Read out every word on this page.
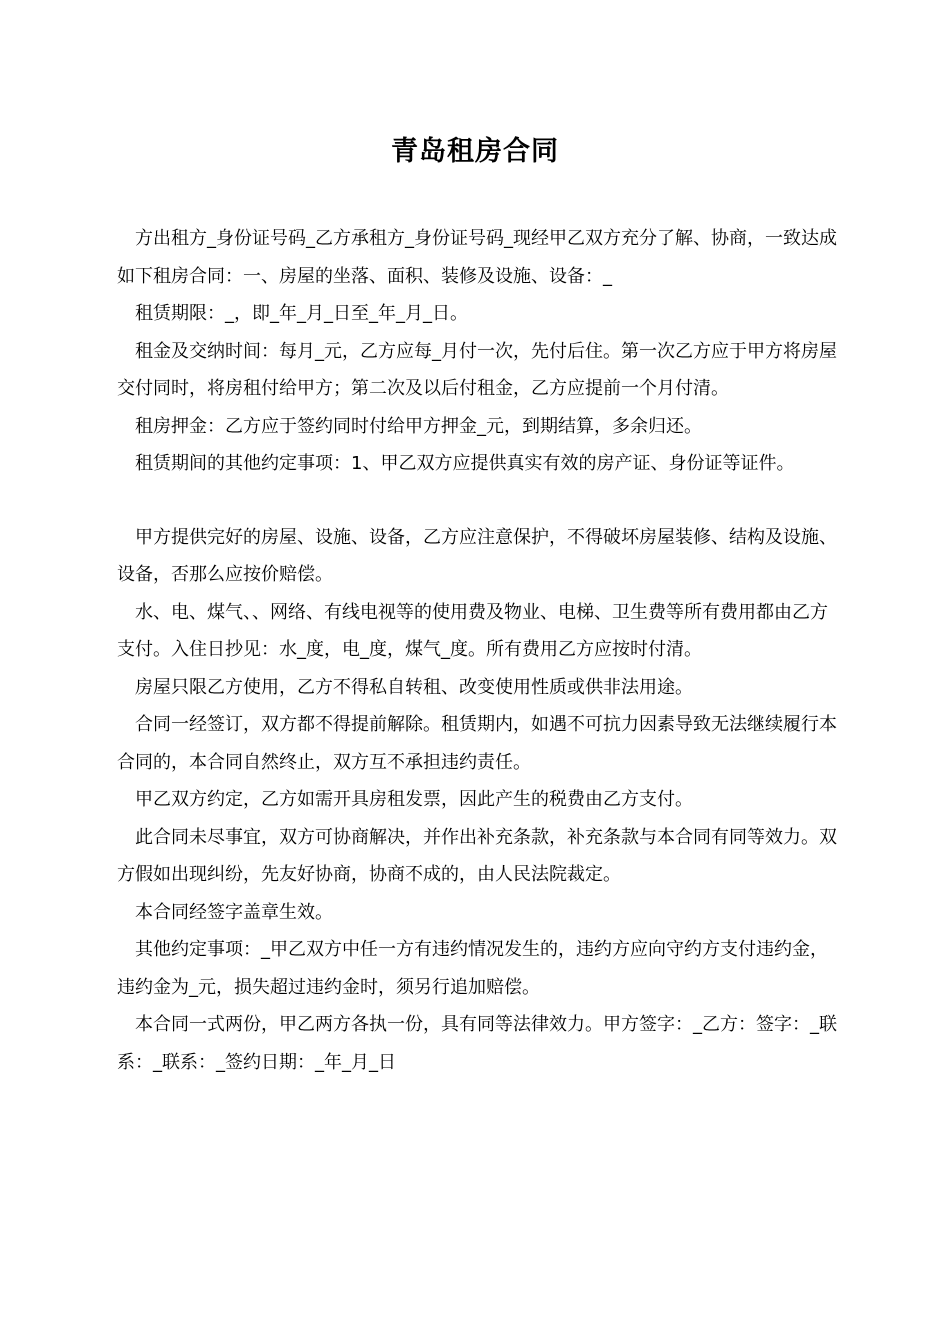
青岛租房合同

方出租方_身份证号码_乙方承租方_身份证号码_现经甲乙双方充分了解、协商，一致达成如下租房合同：一、房屋的坐落、面积、装修及设施、设备：_

租赁期限：_，即_年_月_日至_年_月_日。

租金及交纳时间：每月_元，乙方应每_月付一次，先付后住。第一次乙方应于甲方将房屋交付同时，将房租付给甲方；第二次及以后付租金，乙方应提前一个月付清。

租房押金：乙方应于签约同时付给甲方押金_元，到期结算，多余归还。

租赁期间的其他约定事项：1、甲乙双方应提供真实有效的房产证、身份证等证件。

甲方提供完好的房屋、设施、设备，乙方应注意保护，不得破坏房屋装修、结构及设施、设备，否那么应按价赔偿。

水、电、煤气、、网络、有线电视等的使用费及物业、电梯、卫生费等所有费用都由乙方支付。入住日抄见：水_度，电_度，煤气_度。所有费用乙方应按时付清。

房屋只限乙方使用，乙方不得私自转租、改变使用性质或供非法用途。

合同一经签订，双方都不得提前解除。租赁期内，如遇不可抗力因素导致无法继续履行本合同的，本合同自然终止，双方互不承担违约责任。

甲乙双方约定，乙方如需开具房租发票，因此产生的税费由乙方支付。

此合同未尽事宜，双方可协商解决，并作出补充条款，补充条款与本合同有同等效力。双方假如出现纠纷，先友好协商，协商不成的，由人民法院裁定。

本合同经签字盖章生效。

其他约定事项：_甲乙双方中任一方有违约情况发生的，违约方应向守约方支付违约金，违约金为_元，损失超过违约金时，须另行追加赔偿。

本合同一式两份，甲乙两方各执一份，具有同等法律效力。甲方签字：_乙方：签字：_联系：_联系：_签约日期：_年_月_日
